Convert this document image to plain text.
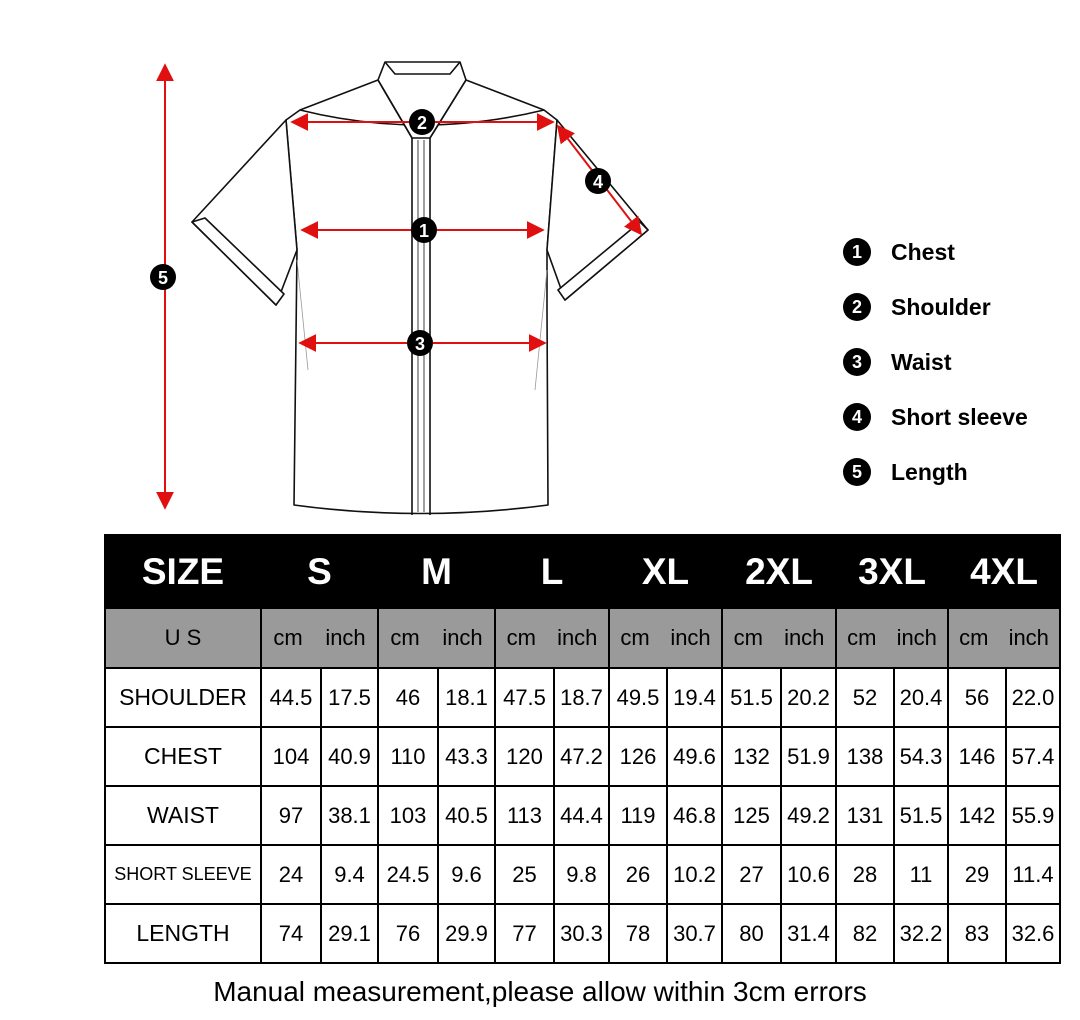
2
1
3
4
5
1	Chest
2	Shoulder
3	Waist
4	Short sleeve
5	Length
SIZE	S	M	L	XL	2XL	3XL	4XL
U S	cm inch	cm inch	cm inch	cm inch	cm inch	cm inch	cm inch

SHOULDER	44.5 17.5	46 18.1	47.5 18.7	49.5 19.4	51.5 20.2	52 20.4	56 22.0

CHEST	104 40.9	110 43.3	120 47.2	126 49.6	132 51.9	138 54.3	146 57.4

WAIST	97 38.1	103 40.5	113 44.4	119 46.8	125 49.2	131 51.5	142 55.9

SHORT SLEEVE	24 9.4	24.5 9.6	25 9.8	26 10.2	27 10.6	28 11	29 11.4

LENGTH	74 29.1	76 29.9	77 30.3	78 30.7	80 31.4	82 32.2	83 32.6
Manual measurement,please allow within 3cm errors
